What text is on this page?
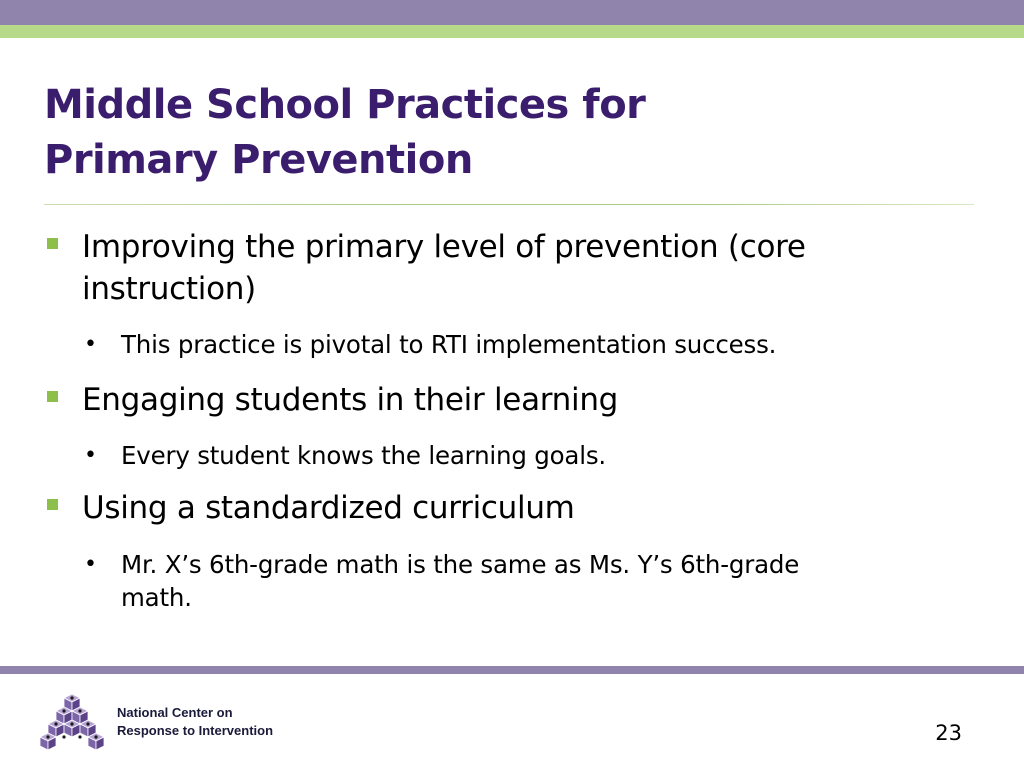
Middle School Practices for
Primary Prevention
Improving the primary level of prevention (core
instruction)
• This practice is pivotal to RTI implementation success.
Engaging students in their learning
• Every student knows the learning goals.
Using a standardized curriculum
• Mr. X’s 6th-grade math is the same as Ms. Y’s 6th-grade
math.
National Center on
Response to Intervention	23
